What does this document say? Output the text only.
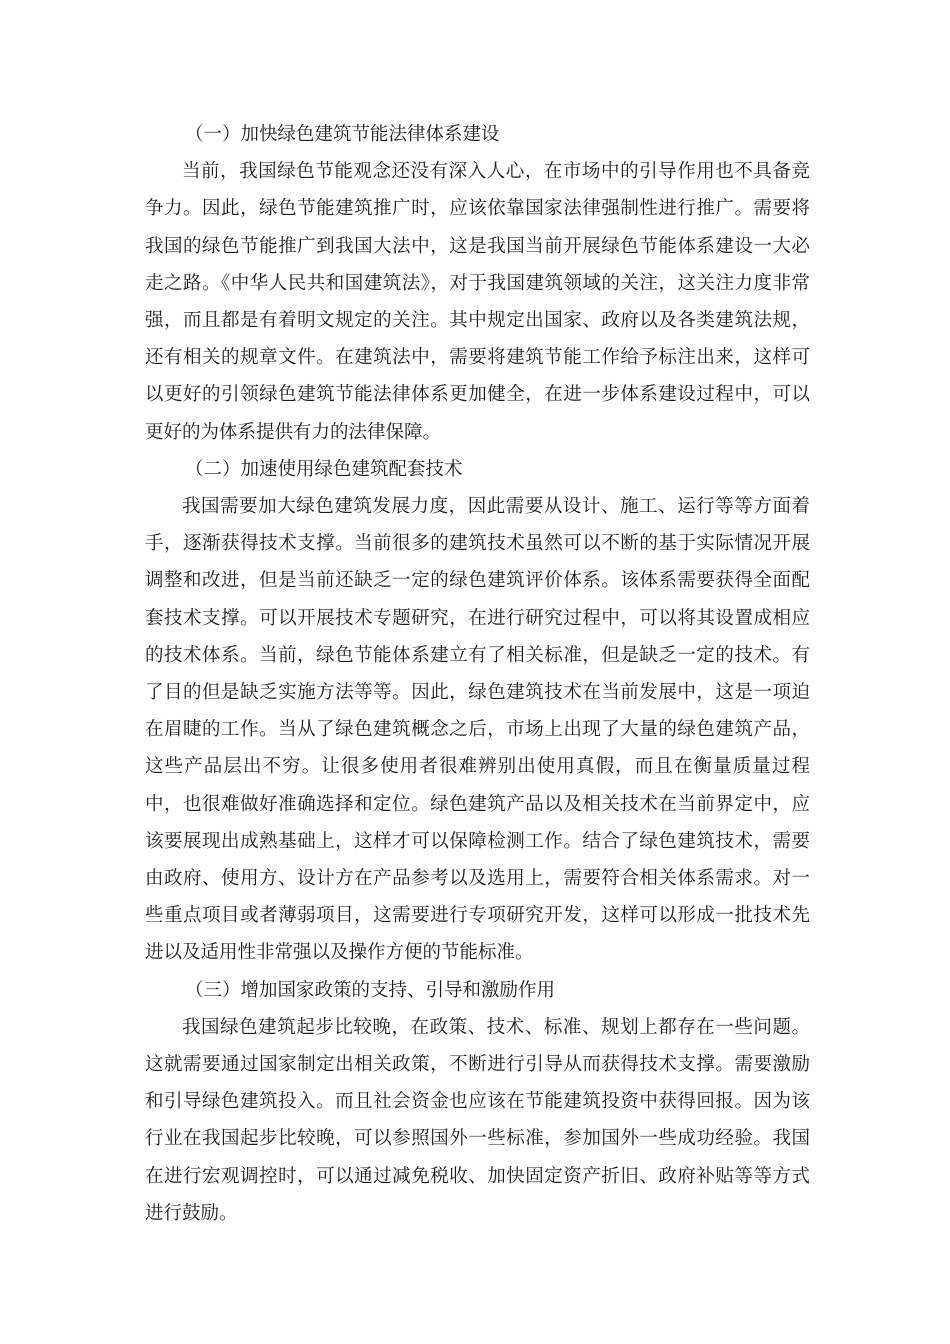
（一）加快绿色建筑节能法律体系建设

当前，我国绿色节能观念还没有深入人心，在市场中的引导作用也不具备竞争力。因此，绿色节能建筑推广时，应该依靠国家法律强制性进行推广。需要将我国的绿色节能推广到我国大法中，这是我国当前开展绿色节能体系建设一大必走之路。《中华人民共和国建筑法》，对于我国建筑领域的关注，这关注力度非常强，而且都是有着明文规定的关注。其中规定出国家、政府以及各类建筑法规，还有相关的规章文件。在建筑法中，需要将建筑节能工作给予标注出来，这样可以更好的引领绿色建筑节能法律体系更加健全，在进一步体系建设过程中，可以更好的为体系提供有力的法律保障。

（二）加速使用绿色建筑配套技术

我国需要加大绿色建筑发展力度，因此需要从设计、施工、运行等等方面着手，逐渐获得技术支撑。当前很多的建筑技术虽然可以不断的基于实际情况开展调整和改进，但是当前还缺乏一定的绿色建筑评价体系。该体系需要获得全面配套技术支撑。可以开展技术专题研究，在进行研究过程中，可以将其设置成相应的技术体系。当前，绿色节能体系建立有了相关标准，但是缺乏一定的技术。有了目的但是缺乏实施方法等等。因此，绿色建筑技术在当前发展中，这是一项迫在眉睫的工作。当从了绿色建筑概念之后，市场上出现了大量的绿色建筑产品，这些产品层出不穷。让很多使用者很难辨别出使用真假，而且在衡量质量过程中，也很难做好准确选择和定位。绿色建筑产品以及相关技术在当前界定中，应该要展现出成熟基础上，这样才可以保障检测工作。结合了绿色建筑技术，需要由政府、使用方、设计方在产品参考以及选用上，需要符合相关体系需求。对一些重点项目或者薄弱项目，这需要进行专项研究开发，这样可以形成一批技术先进以及适用性非常强以及操作方便的节能标准。

（三）增加国家政策的支持、引导和激励作用

我国绿色建筑起步比较晚，在政策、技术、标准、规划上都存在一些问题。这就需要通过国家制定出相关政策，不断进行引导从而获得技术支撑。需要激励和引导绿色建筑投入。而且社会资金也应该在节能建筑投资中获得回报。因为该行业在我国起步比较晚，可以参照国外一些标准，参加国外一些成功经验。我国在进行宏观调控时，可以通过减免税收、加快固定资产折旧、政府补贴等等方式进行鼓励。
